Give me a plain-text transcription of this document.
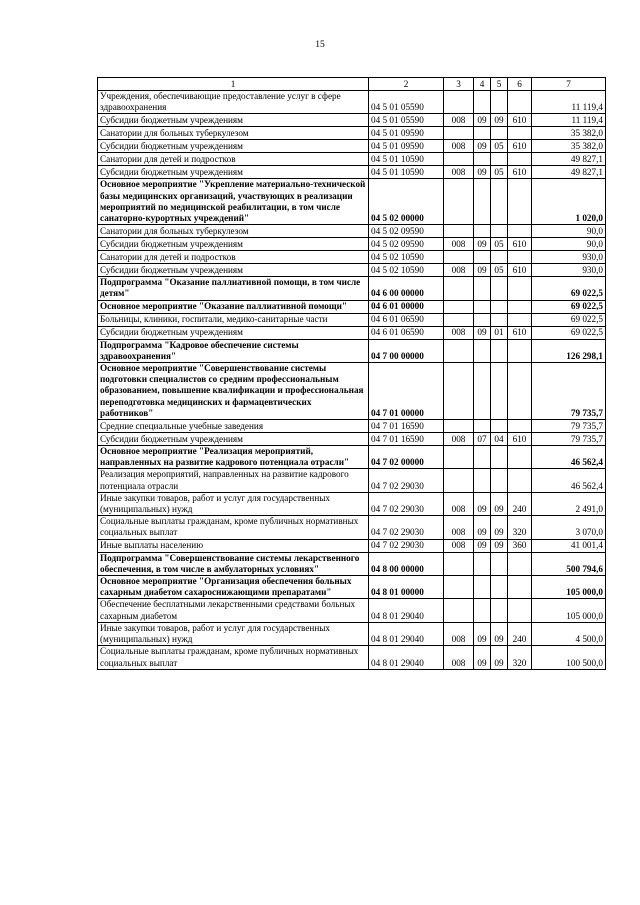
15
1	2	3	4	5	6	7
Учреждения, обеспечивающие предоставление услуг в сфере здравоохранения	04 5 01 05590					11 119,4
Субсидии бюджетным учреждениям	04 5 01 05590	008	09	09	610	11 119,4
Санатории для больных туберкулезом	04 5 01 09590					35 382,0
Субсидии бюджетным учреждениям	04 5 01 09590	008	09	05	610	35 382,0
Санатории для детей и подростков	04 5 01 10590					49 827,1
Субсидии бюджетным учреждениям	04 5 01 10590	008	09	05	610	49 827,1
Основное мероприятие "Укрепление материально-технической базы медицинских организаций, участвующих в реализации мероприятий по медицинской реабилитации, в том числе санаторно-курортных учреждений"	04 5 02 00000					1 020,0
Санатории для больных туберкулезом	04 5 02 09590					90,0
Субсидии бюджетным учреждениям	04 5 02 09590	008	09	05	610	90,0
Санатории для детей и подростков	04 5 02 10590					930,0
Субсидии бюджетным учреждениям	04 5 02 10590	008	09	05	610	930,0
Подпрограмма "Оказание паллиативной помощи, в том числе детям"	04 6 00 00000					69 022,5
Основное мероприятие "Оказание паллиативной помощи"	04 6 01 00000					69 022,5
Больницы, клиники, госпитали, медико-санитарные части	04 6 01 06590					69 022,5
Субсидии бюджетным учреждениям	04 6 01 06590	008	09	01	610	69 022,5
Подпрограмма "Кадровое обеспечение системы здравоохранения"	04 7 00 00000					126 298,1
Основное мероприятие "Совершенствование системы подготовки специалистов со средним профессиональным образованием, повышение квалификации и профессиональная переподготовка медицинских и фармацевтических работников"	04 7 01 00000					79 735,7
Средние специальные учебные заведения	04 7 01 16590					79 735,7
Субсидии бюджетным учреждениям	04 7 01 16590	008	07	04	610	79 735,7
Основное мероприятие "Реализация мероприятий, направленных на развитие кадрового потенциала отрасли"	04 7 02 00000					46 562,4
Реализация мероприятий, направленных на развитие кадрового потенциала отрасли	04 7 02 29030					46 562,4
Иные закупки товаров, работ и услуг для государственных (муниципальных) нужд	04 7 02 29030	008	09	09	240	2 491,0
Социальные выплаты гражданам, кроме публичных нормативных социальных выплат	04 7 02 29030	008	09	09	320	3 070,0
Иные выплаты населению	04 7 02 29030	008	09	09	360	41 001,4
Подпрограмма "Совершенствование системы лекарственного обеспечения, в том числе в амбулаторных условиях"	04 8 00 00000					500 794,6
Основное мероприятие "Организация обеспечения больных сахарным диабетом сахароснижающими препаратами"	04 8 01 00000					105 000,0
Обеспечение бесплатными лекарственными средствами больных сахарным диабетом	04 8 01 29040					105 000,0
Иные закупки товаров, работ и услуг для государственных (муниципальных) нужд	04 8 01 29040	008	09	09	240	4 500,0
Социальные выплаты гражданам, кроме публичных нормативных социальных выплат	04 8 01 29040	008	09	09	320	100 500,0
